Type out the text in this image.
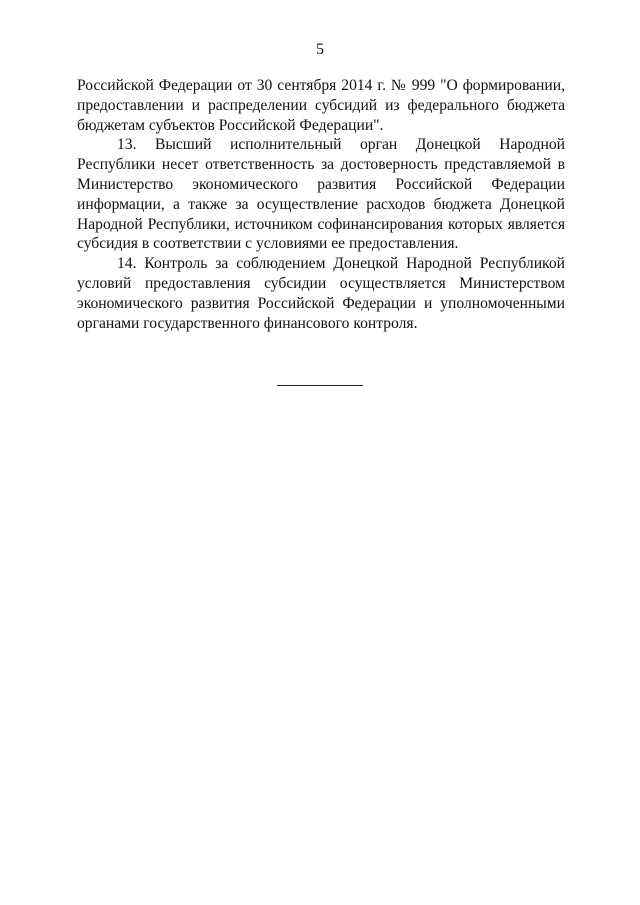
5

Российской Федерации от 30 сентября 2014 г. № 999 "О формировании, предоставлении и распределении субсидий из федерального бюджета бюджетам субъектов Российской Федерации".

13. Высший исполнительный орган Донецкой Народной Республики несет ответственность за достоверность представляемой в Министерство экономического развития Российской Федерации информации, а также за осуществление расходов бюджета Донецкой Народной Республики, источником софинансирования которых является субсидия в соответствии с условиями ее предоставления.

14. Контроль за соблюдением Донецкой Народной Республикой условий предоставления субсидии осуществляется Министерством экономического развития Российской Федерации и уполномоченными органами государственного финансового контроля.
